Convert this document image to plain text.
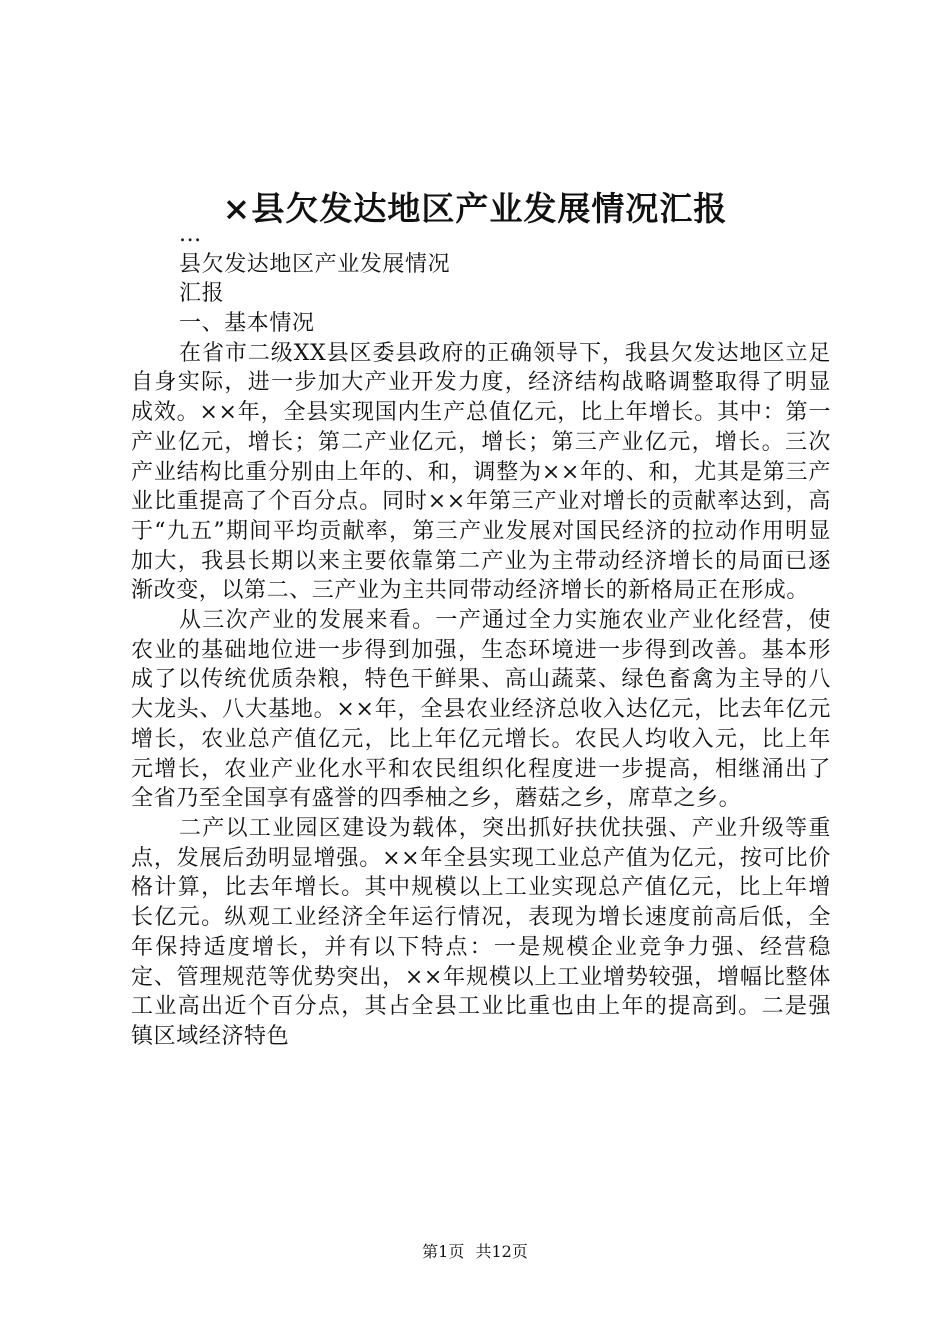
×县欠发达地区产业发展情况汇报
...
县欠发达地区产业发展情况
汇报
一、基本情况

在省市二级XX县区委县政府的正确领导下，我县欠发达地区立足自身实际，进一步加大产业开发力度，经济结构战略调整取得了明显成效。××年，全县实现国内生产总值亿元，比上年增长。其中：第一产业亿元，增长；第二产业亿元，增长；第三产业亿元，增长。三次产业结构比重分别由上年的、和，调整为××年的、和，尤其是第三产业比重提高了个百分点。同时××年第三产业对增长的贡献率达到，高于“九五”期间平均贡献率，第三产业发展对国民经济的拉动作用明显加大，我县长期以来主要依靠第二产业为主带动经济增长的局面已逐渐改变，以第二、三产业为主共同带动经济增长的新格局正在形成。

从三次产业的发展来看。一产通过全力实施农业产业化经营，使农业的基础地位进一步得到加强，生态环境进一步得到改善。基本形成了以传统优质杂粮，特色干鲜果、高山蔬菜、绿色畜禽为主导的八大龙头、八大基地。××年，全县农业经济总收入达亿元，比去年亿元增长，农业总产值亿元，比上年亿元增长。农民人均收入元，比上年元增长，农业产业化水平和农民组织化程度进一步提高，相继涌出了全省乃至全国享有盛誉的四季柚之乡，蘑菇之乡，席草之乡。

二产以工业园区建设为载体，突出抓好扶优扶强、产业升级等重点，发展后劲明显增强。××年全县实现工业总产值为亿元，按可比价格计算，比去年增长。其中规模以上工业实现总产值亿元，比上年增长亿元。纵观工业经济全年运行情况，表现为增长速度前高后低，全年保持适度增长，并有以下特点：一是规模企业竞争力强、经营稳定、管理规范等优势突出，××年规模以上工业增势较强，增幅比整体工业高出近个百分点，其占全县工业比重也由上年的提高到。二是强镇区域经济特色

第1页 共12页
